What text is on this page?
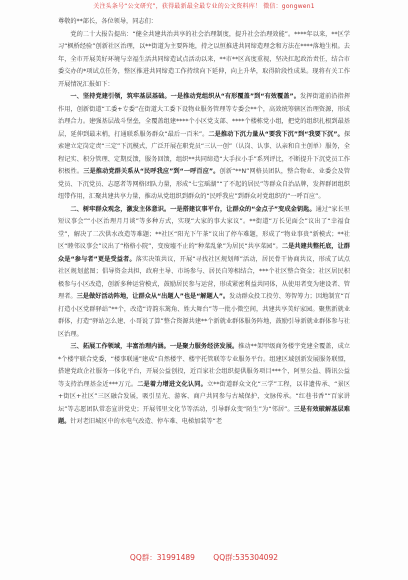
关注头条号“公文研究”，获得最新最全最专业的公文资料库！ 微信：gongwen1

尊敬的**部长，各位领导，同志们：

党的二十大报告提出：“健全共建共治共享的社会治理制度，提升社会治理效能”。****年以来，**区学习“枫桥经验”创新社区治理，以**街道为主要阵地，持之以恒推进共同缔造理念和方法在****落地生根。去年，全市开展美好环境与幸福生活共同缔造试点活动以来，**市**区高度重视，坚决扛起政治责任，结合市委交办的*项试点任务，整区推进共同缔造工作持续向下延伸，向上升华，取得阶段性成果。现将有关工作开展情况汇报如下：

一、坚持党建引领，筑牢基层基础。一是推动党组织从“有形覆盖”到“有效覆盖”。发挥街道前沿指挥作用，创新街道“工委+专委”在街道大工委下设物业服务管理等专委会**个，高效统筹辖区治理资源，形成治理合力。建强基层战斗堡垒，全覆盖组建****个小区党支部、****个楼栋党小组，把党的组织扎根到最基层，延伸到最末梢，打通联系服务群众“最后一百米”。二是推动下沉力量从“要我下沉”到“我要下沉”。探索建立定岗定责“三定”下沉模式，广泛开展在职党员“三认一创”（认岗、认事、认亲和自主创单）服务，全程记实、积分管理、定期反馈，服务回馈，组织**共同缔造“大手拉小手”系列评比，不断提升下沉党员工作积极性。三是推动党群关系从“民呼我应”到“一呼百应”。创新“**N”网格员团队，整合物业、业委会及管党员、下沉党员、志愿者等网格团队力量，形成“七宝瑶湖”“了不起的居民”等群众自治品牌，发挥群团组织纽带作用，汇聚共建共享力量，推动从党组织到群众的“民呼我应”到群众对党组织的“一呼百应”。

二、树牢群众观念，激发主体意识。一是搭建议事平台，让群众的“金点子”变成金钥匙。通过“家长里短议事会”“小区治理月月谈”等多种方式，实现“大家的事大家议”。**街道“万长见面会”议出了“幸福食堂”，解决了二次供水改造等难题；**社区“阳光下午茶”议出了停车难题，形成了“物业事贵”新模式；**社区“睦邻议事会”议出了“格格小院”，变废墟不止的“种菜乱象”为居民“共享菜园”。二是共建共整托底，让群众是“参与者”更是受益者。落实决策共议，开展“寻找社区规划师”活动，居民骨干协商共议，形成了试点社区规划蓝图；倡导资金共担，政府主导、市场参与、居民自筹相结合，***个社区整合资金；社区居民积极参与小区改造，创新多种运营模式，鼓励居民参与运营，形成紧密利益共同体，从使用者变为建设者、管理者。三是做好活动阵地，让群众从“出题人”也是“解题人”。发动群众投工投劳、筹智筹力；因地制宜“百打造小区党群驿站”**个，改造“诗韵东篱角、姓大舞台”等一批小微空间，共建共享美好家园。聚焦新就业群体，打造“驿站怎么建、小哥说了算”整合资源共建**个新就业群体服务阵地，鼓励引导新就业群体参与社区治理。

三、拓展工作领域，丰富治理内涵。一是聚力服务经济发展。推动**架甲级商务楼宇党建全覆盖，成立*个楼宇联合党委，“楼事联通”建成“自然楼宇、楼宇托管联等专业服务平台。组建区域创新发展服务联盟，搭建党政企社服务一体化平台，开展公益创投，近百家社会组织提供服务项目***个，阿里公益、腾讯公益等支持治理基金近***万元。二是着力增进文化认同。立**街道群众文化“三学”工程，以非遗传承、“景区+街区+社区”三区融合发展，吸引星光、游客、商户共同参与古城保护，文脉传承。“红巷书香”“百家讲坛”等志愿团队常态宣讲党史；开展邻里文化节等活动，引导群众变“陌生”为“邻居”。三是有效破解基层难题。针对老旧城区中的水电气改造、停车难、电梯加装等“老

QQ群：31991489 QQ群:535304092
